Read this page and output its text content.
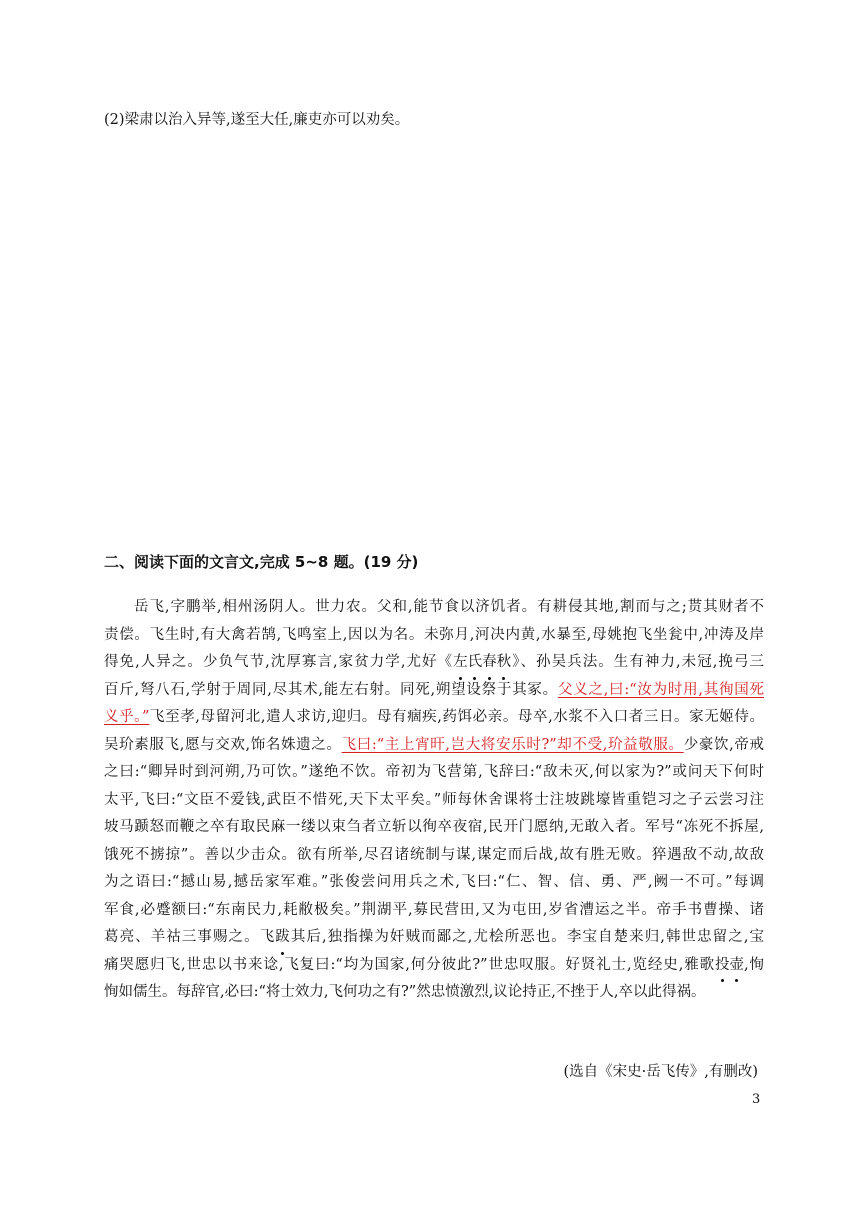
(2)梁肃以治入异等,遂至大任,廉吏亦可以劝矣。
二、阅读下面的文言文,完成 5~8 题。(19 分)
岳飞,字鹏举,相州汤阴人。世力农。父和,能节食以济饥者。有耕侵其地,割而与之;贳其财者不
责偿。飞生时,有大禽若鹄,飞鸣室上,因以为名。未弥月,河决内黄,水暴至,母姚抱飞坐瓮中,冲涛及岸
得免,人异之。少负气节,沈厚寡言,家贫力学,尤好《左氏春秋》、孙吴兵法。生有神力,未冠,挽弓三
百斤,弩八石,学射于周同,尽其术,能左右射。同死,朔望设祭于其冢。父义之,曰:“汝为时用,其徇国死
义乎。”飞至孝,母留河北,遣人求访,迎归。母有痼疾,药饵必亲。母卒,水浆不入口者三日。家无姬侍。
吴玠素服飞,愿与交欢,饰名姝遗之。飞曰:“主上宵旰,岂大将安乐时?”却不受,玠益敬服。少豪饮,帝戒
之曰:“卿异时到河朔,乃可饮。”遂绝不饮。帝初为飞营第,飞辞曰:“敌未灭,何以家为?”或问天下何时
太平,飞曰:“文臣不爱钱,武臣不惜死,天下太平矣。”师每休舍课将士注坡跳壕皆重铠习之子云尝习注
坡马踬怒而鞭之卒有取民麻一缕以束刍者立斩以徇卒夜宿,民开门愿纳,无敢入者。军号“冻死不拆屋,
饿死不掳掠”。善以少击众。欲有所举,尽召诸统制与谋,谋定而后战,故有胜无败。猝遇敌不动,故敌
为之语曰:“撼山易,撼岳家军难。”张俊尝问用兵之术,飞曰:“仁、智、信、勇、严,阙一不可。”每调
军食,必蹙额曰:“东南民力,耗敝极矣。”荆湖平,募民营田,又为屯田,岁省漕运之半。帝手书曹操、诸
葛亮、羊祜三事赐之。飞跋其后,独指操为奸贼而鄙之,尤桧所恶也。李宝自楚来归,韩世忠留之,宝
痛哭愿归飞,世忠以书来谂,飞复曰:“均为国家,何分彼此?”世忠叹服。好贤礼士,览经史,雅歌投壶,恂
恂如儒生。每辞官,必曰:“将士效力,飞何功之有?”然忠愤激烈,议论持正,不挫于人,卒以此得祸。
(选自《宋史·岳飞传》,有删改)
3
